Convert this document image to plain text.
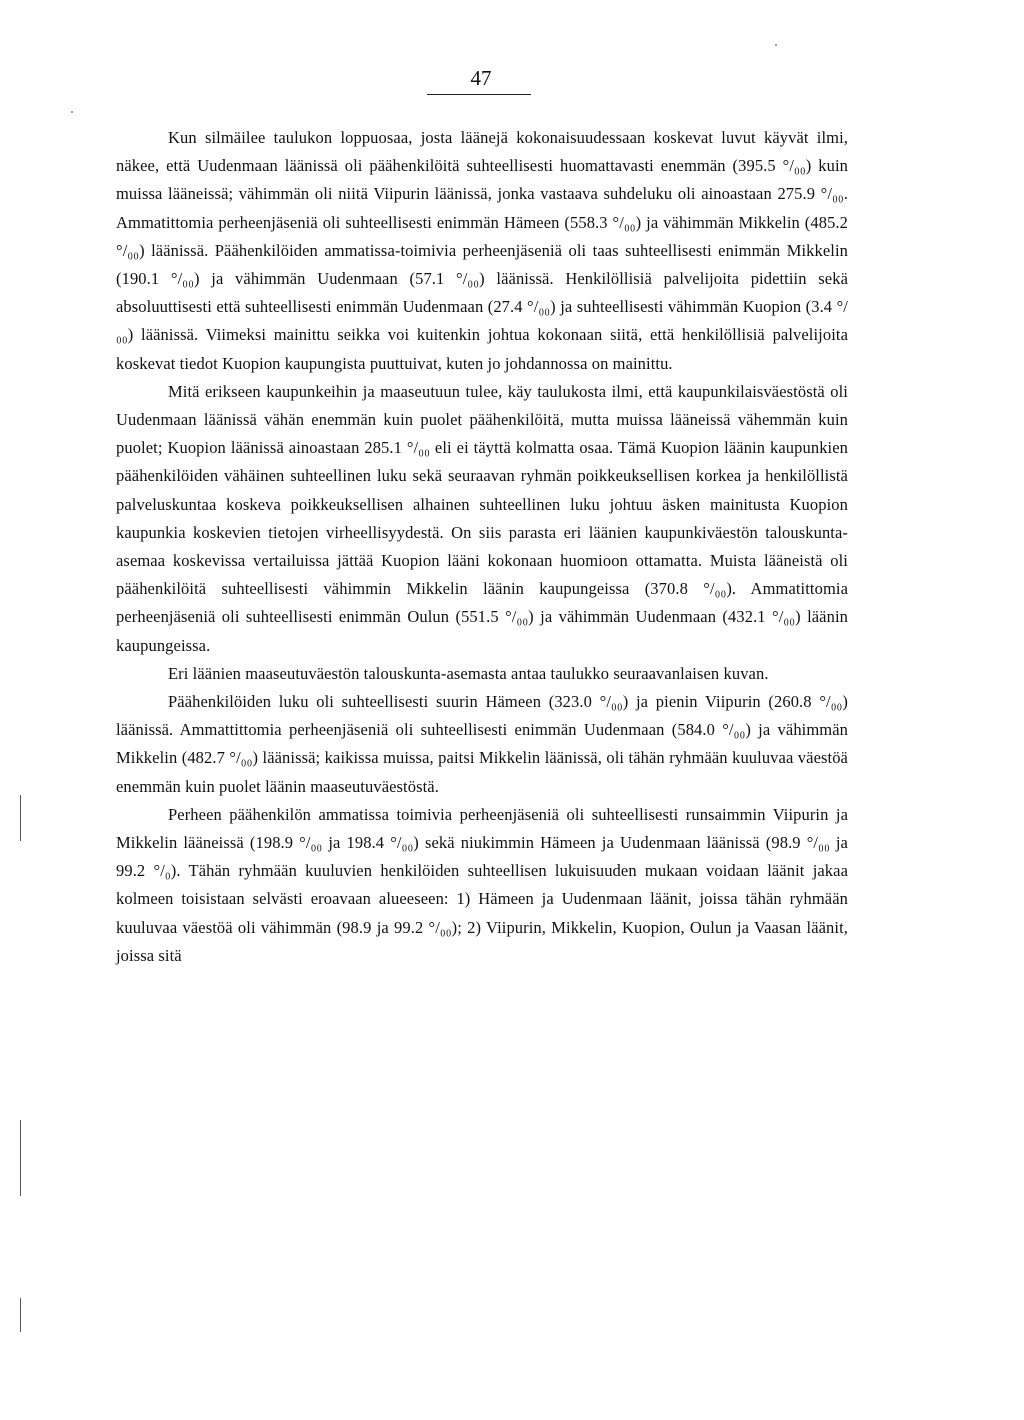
47

Kun silmäilee taulukon loppuosaa, josta läänejä kokonaisuudessaan koskevat luvut käyvät ilmi, näkee, että Uudenmaan läänissä oli päähenkilöitä suhteellisesti huomattavasti enemmän (395.5 °/₀₀) kuin muissa lääneissä; vähimmän oli niitä Viipurin läänissä, jonka vastaava suhdeluku oli ainoastaan 275.9 °/₀₀. Ammatittomia perheenjäseniä oli suhteellisesti enimmän Hämeen (558.3 °/₀₀) ja vähimmän Mikkelin (485.2 °/₀₀) läänissä. Päähenkilöiden ammatissa-toimivia perheenjäseniä oli taas suhteellisesti enimmän Mikkelin (190.1 °/₀₀) ja vähimmän Uudenmaan (57.1 °/₀₀) läänissä. Henkilöllisiä palvelijoita pidettiin sekä absoluuttisesti että suhteellisesti enimmän Uudenmaan (27.4 °/₀₀) ja suhteellisesti vähimmän Kuopion (3.4 °/₀₀) läänissä. Viimeksi mainittu seikka voi kuitenkin johtua kokonaan siitä, että henkilöllisiä palvelijoita koskevat tiedot Kuopion kaupungista puuttuivat, kuten jo johdannossa on mainittu.

Mitä erikseen kaupunkeihin ja maaseutuun tulee, käy taulukosta ilmi, että kaupunkilaisväestöstä oli Uudenmaan läänissä vähän enemmän kuin puolet päähenkilöitä, mutta muissa lääneissä vähemmän kuin puolet; Kuopion läänissä ainoastaan 285.1 °/₀₀ eli ei täyttä kolmatta osaa. Tämä Kuopion läänin kaupunkien päähenkilöiden vähäinen suhteellinen luku sekä seuraavan ryhmän poikkeuksellisen korkea ja henkilöllistä palveluskuntaa koskeva poikkeuksellisen alhainen suhteellinen luku johtuu äsken mainitusta Kuopion kaupunkia koskevien tietojen virheellisyydestä. On siis parasta eri läänien kaupunkiväestön talouskunta-asemaa koskevissa vertailuissa jättää Kuopion lääni kokonaan huomioon ottamatta. Muista lääneistä oli päähenkilöitä suhteellisesti vähimmin Mikkelin läänin kaupungeissa (370.8 °/₀₀). Ammatittomia perheenjäseniä oli suhteellisesti enimmän Oulun (551.5 °/₀₀) ja vähimmän Uudenmaan (432.1 °/₀₀) läänin kaupungeissa.

Eri läänien maaseutuväestön talouskunta-asemasta antaa taulukko seuraavanlaisen kuvan.

Päähenkilöiden luku oli suhteellisesti suurin Hämeen (323.0 °/₀₀) ja pienin Viipurin (260.8 °/₀₀) läänissä. Ammattittomia perheenjäseniä oli suhteellisesti enimmän Uudenmaan (584.0 °/₀₀) ja vähimmän Mikkelin (482.7 °/₀₀) läänissä; kaikissa muissa, paitsi Mikkelin läänissä, oli tähän ryhmään kuuluvaa väestöä enemmän kuin puolet läänin maaseutuväestöstä.

Perheen päähenkilön ammatissa toimivia perheenjäseniä oli suhteellisesti runsaimmin Viipurin ja Mikkelin lääneissä (198.9 °/₀₀ ja 198.4 °/₀₀) sekä niukimmin Hämeen ja Uudenmaan läänissä (98.9 °/₀₀ ja 99.2 °/₀). Tähän ryhmään kuuluvien henkilöiden suhteellisen lukuisuuden mukaan voidaan läänit jakaa kolmeen toisistaan selvästi eroavaan alueeseen: 1) Hämeen ja Uudenmaan läänit, joissa tähän ryhmään kuuluvaa väestöä oli vähimmän (98.9 ja 99.2 °/₀₀); 2) Viipurin, Mikkelin, Kuopion, Oulun ja Vaasan läänit, joissa sitä
